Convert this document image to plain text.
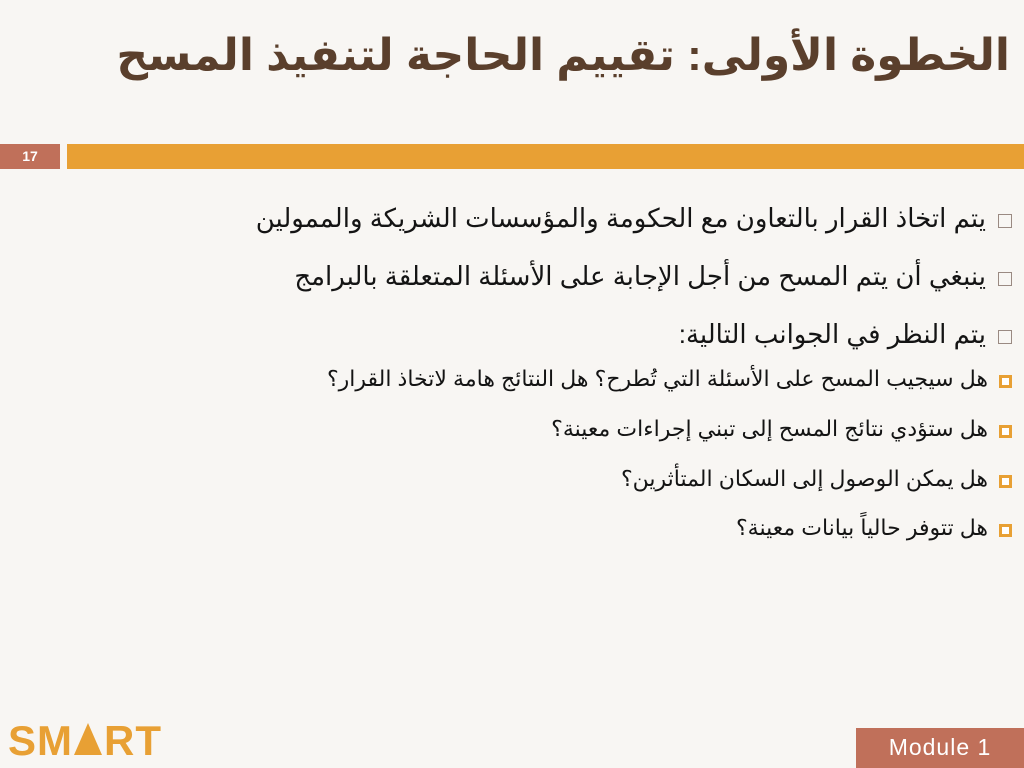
الخطوة الأولى: تقييم الحاجة لتنفيذ المسح
17
يتم اتخاذ القرار بالتعاون مع الحكومة والمؤسسات الشريكة والممولين
ينبغي أن يتم المسح من أجل الإجابة على الأسئلة المتعلقة بالبرامج
يتم النظر في الجوانب التالية:
هل سيجيب المسح على الأسئلة التي تُطرح؟ هل النتائج هامة لاتخاذ القرار؟
هل ستؤدي نتائج المسح إلى تبني إجراءات معينة؟
هل يمكن الوصول إلى السكان المتأثرين؟
هل تتوفر حالياً بيانات معينة؟
SM RT	Module 1
